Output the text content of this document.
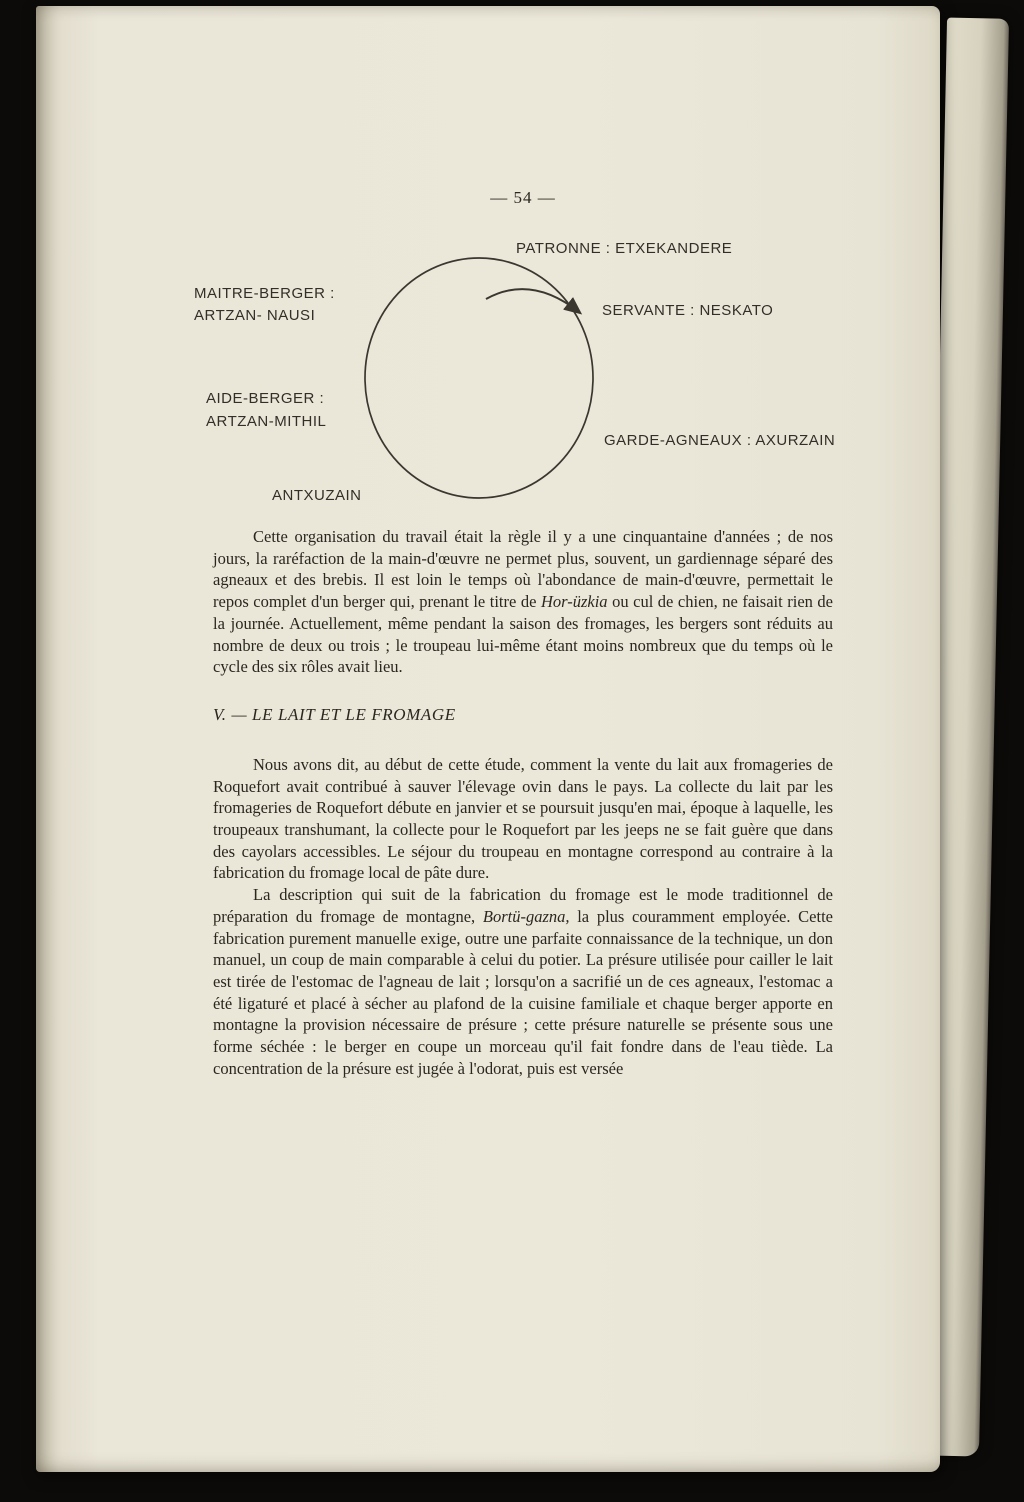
— 54 —
PATRONNE : ETXEKANDERE
MAITRE-BERGER :
ARTZAN- NAUSI	SERVANTE : NESKATO
AIDE-BERGER :
ARTZAN-MITHIL
GARDE-AGNEAUX : AXURZAIN
ANTXUZAIN

Cette organisation du travail était la règle il y a une cinquantaine d'années ; de nos jours, la raréfaction de la main-d'œuvre ne permet plus, souvent, un gardiennage séparé des agneaux et des brebis. Il est loin le temps où l'abondance de main-d'œuvre, permettait le repos complet d'un berger qui, prenant le titre de Hor-üzkia ou cul de chien, ne faisait rien de la journée. Actuellement, même pendant la saison des fromages, les bergers sont réduits au nombre de deux ou trois ; le troupeau lui-même étant moins nombreux que du temps où le cycle des six rôles avait lieu.

V. — LE LAIT ET LE FROMAGE

Nous avons dit, au début de cette étude, comment la vente du lait aux fromageries de Roquefort avait contribué à sauver l'élevage ovin dans le pays. La collecte du lait par les fromageries de Roquefort débute en janvier et se poursuit jusqu'en mai, époque à laquelle, les troupeaux transhumant, la collecte pour le Roquefort par les jeeps ne se fait guère que dans des cayolars accessibles. Le séjour du troupeau en montagne correspond au contraire à la fabrication du fromage local de pâte dure.

La description qui suit de la fabrication du fromage est le mode traditionnel de préparation du fromage de montagne, Bortü-gazna, la plus couramment employée. Cette fabrication purement manuelle exige, outre une parfaite connaissance de la technique, un don manuel, un coup de main comparable à celui du potier. La présure utilisée pour cailler le lait est tirée de l'estomac de l'agneau de lait ; lorsqu'on a sacrifié un de ces agneaux, l'estomac a été ligaturé et placé à sécher au plafond de la cuisine familiale et chaque berger apporte en montagne la provision nécessaire de présure ; cette présure naturelle se présente sous une forme séchée : le berger en coupe un morceau qu'il fait fondre dans de l'eau tiède. La concentration de la présure est jugée à l'odorat, puis est versée
